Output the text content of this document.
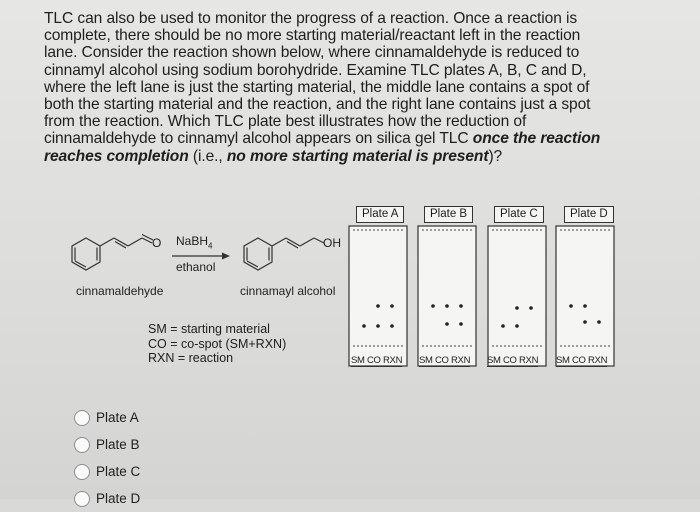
TLC can also be used to monitor the progress of a reaction. Once a reaction is
complete, there should be no more starting material/reactant left in the reaction
lane. Consider the reaction shown below, where cinnamaldehyde is reduced to
cinnamyl alcohol using sodium borohydride. Examine TLC plates A, B, C and D,
where the left lane is just the starting material, the middle lane contains a spot of
both the starting material and the reaction, and the right lane contains just a spot
from the reaction. Which TLC plate best illustrates how the reduction of
cinnamaldehyde to cinnamyl alcohol appears on silica gel TLC once the reaction
reaches completion (i.e., no more starting material is present)?
O NaBH$_4$
ethanol
OH
cinnamaldehyde	cinnamayl alcohol
SM = starting material
CO = co-spot (SM+RXN)
RXN = reaction
Plate A	Plate B	Plate C	Plate D
SM CO RXN SM CO RXN SM CO RXN SM CO RXN
Plate A
Plate B
Plate C
Plate D
